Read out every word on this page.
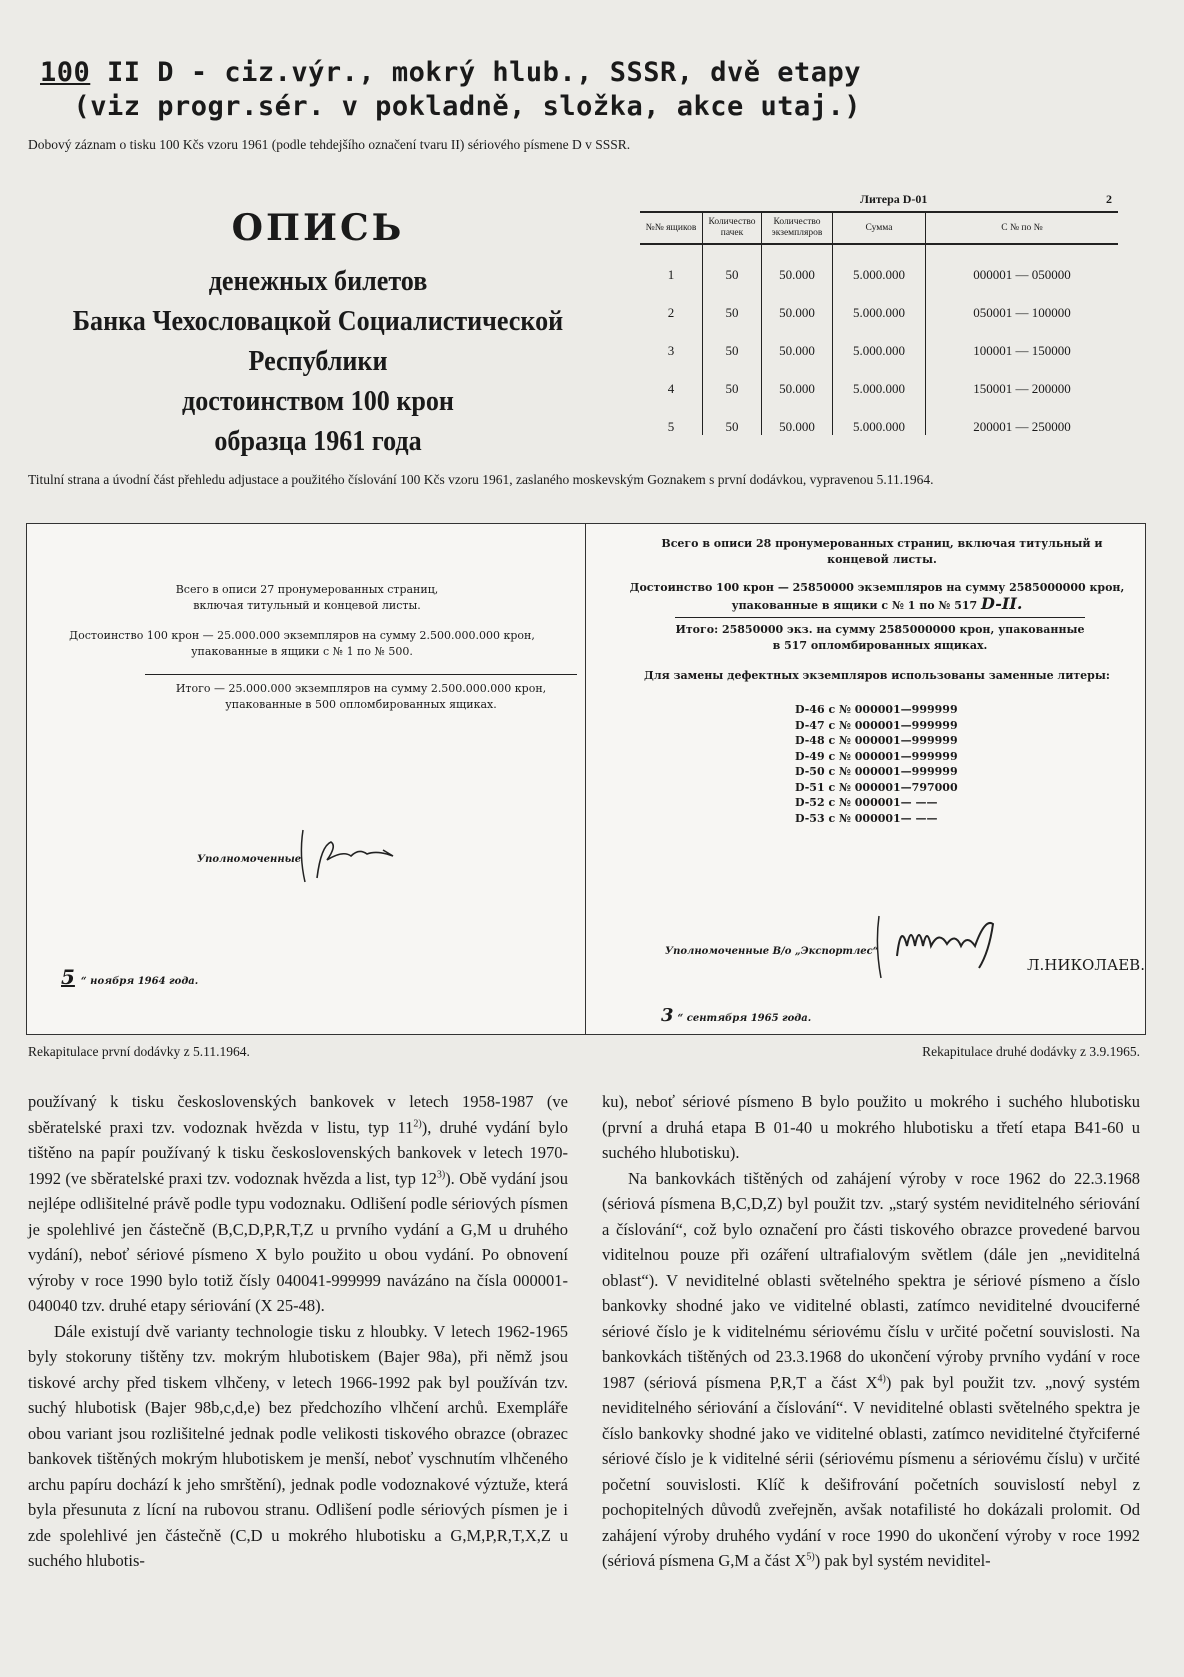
100 II D - ciz.výr., mokrý hlub., SSSR, dvě etapy
(viz progr.sér. v pokladně, složka, akce utaj.)
Dobový záznam o tisku 100 Kčs vzoru 1961 (podle tehdejšího označení tvaru II) sériového písmene D v SSSR.
ОПИСЬ
денежных билетов
Банка Чехословацкой Социалистической
Республики
достоинством 100 крон
образца 1961 года
Литера D-01	2
№№ ящиков	Количество пачек	Количество экземпляров	Сумма	С № по №
1	50	50.000	5.000.000	000001 — 050000
2	50	50.000	5.000.000	050001 — 100000
3	50	50.000	5.000.000	100001 — 150000
4	50	50.000	5.000.000	150001 — 200000
5	50	50.000	5.000.000	200001 — 250000
Titulní strana a úvodní část přehledu adjustace a použitého číslování 100 Kčs vzoru 1961, zaslaného moskevským Goznakem s první dodávkou, vypravenou 5.11.1964.
Всего в описи 27 пронумерованных страниц, включая титульный и концевой листы.
Достоинство 100 крон — 25.000.000 экземпляров на сумму 2.500.000.000 крон, упакованные в ящики с № 1 по № 500.
Итого — 25.000.000 экземпляров на сумму 2.500.000.000 крон, упакованные в 500 опломбированных ящиках.
Уполномоченные
5 “ ноября 1964 года.
Всего в описи 28 пронумерованных страниц, включая титульный и концевой листы.
Достоинство 100 крон — 25850000 экземпляров на сумму 2585000000 крон,
упакованные в ящики с № 1 по № 517 D-II.
Итого: 25850000 экз. на сумму 2585000000 крон, упакованные в 517 опломбированных ящиках.
Для замены дефектных экземпляров использованы заменные литеры:
D-46 с № 000001—999999
D-47 с № 000001—999999
D-48 с № 000001—999999
D-49 с № 000001—999999
D-50 с № 000001—999999
D-51 с № 000001—797000
D-52 с № 000001— ——
D-53 с № 000001— ——
Уполномоченные В/о „Экспортлес“
Л.НИКОЛАЕВ.
3 “ сентября 1965 года.
Rekapitulace první dodávky z 5.11.1964.	Rekapitulace druhé dodávky z 3.9.1965.

používaný k tisku československých bankovek v letech 1958-1987 (ve sběratelské praxi tzv. vodoznak hvězda v listu, typ 11$^{2)}$), druhé vydání bylo tištěno na papír používaný k tisku československých bankovek v letech 1970-1992 (ve sběratelské praxi tzv. vodoznak hvězda a list, typ 12$^{3)}$). Obě vydání jsou nejlépe odlišitelné právě podle typu vodoznaku. Odlišení podle sériových písmen je spolehlivé jen částečně (B,C,D,P,R,T,Z u prvního vydání a G,M u druhého vydání), neboť sériové písmeno X bylo použito u obou vydání. Po obnovení výroby v roce 1990 bylo totiž čísly 040041-999999 navázáno na čísla 000001-040040 tzv. druhé etapy sériování (X 25-48).

Dále existují dvě varianty technologie tisku z hloubky. V letech 1962-1965 byly stokoruny tištěny tzv. mokrým hlubotiskem (Bajer 98a), při němž jsou tiskové archy před tiskem vlhčeny, v letech 1966-1992 pak byl používán tzv. suchý hlubotisk (Bajer 98b,c,d,e) bez předchozího vlhčení archů. Exempláře obou variant jsou rozlišitelné jednak podle velikosti tiskového obrazce (obrazec bankovek tištěných mokrým hlubotiskem je menší, neboť vyschnutím vlhčeného archu papíru dochází k jeho smrštění), jednak podle vodoznakové výztuže, která byla přesunuta z lícní na rubovou stranu. Odlišení podle sériových písmen je i zde spolehlivé jen částečně (C,D u mokrého hlubotisku a G,M,P,R,T,X,Z u suchého hlubotis-

ku), neboť sériové písmeno B bylo použito u mokrého i suchého hlubotisku (první a druhá etapa B 01-40 u mokrého hlubotisku a třetí etapa B41-60 u suchého hlubotisku).

Na bankovkách tištěných od zahájení výroby v roce 1962 do 22.3.1968 (sériová písmena B,C,D,Z) byl použit tzv. „starý systém neviditelného sériování a číslování“, což bylo označení pro části tiskového obrazce provedené barvou viditelnou pouze při ozáření ultrafialovým světlem (dále jen „neviditelná oblast“). V neviditelné oblasti světelného spektra je sériové písmeno a číslo bankovky shodné jako ve viditelné oblasti, zatímco neviditelné dvouciferné sériové číslo je k viditelnému sériovému číslu v určité početní souvislosti. Na bankovkách tištěných od 23.3.1968 do ukončení výroby prvního vydání v roce 1987 (sériová písmena P,R,T a část $X^{4)}$) pak byl použit tzv. „nový systém neviditelného sériování a číslování“. V neviditelné oblasti světelného spektra je číslo bankovky shodné jako ve viditelné oblasti, zatímco neviditelné čtyřciferné sériové číslo je k viditelné sérii (sériovému písmenu a sériovému číslu) v určité početní souvislosti. Klíč k dešifrování početních souvislostí nebyl z pochopitelných důvodů zveřejněn, avšak notafilisté ho dokázali prolomit. Od zahájení výroby druhého vydání v roce 1990 do ukončení výroby v roce 1992 (sériová písmena G,M a část $X^{5)}$) pak byl systém neviditel-
